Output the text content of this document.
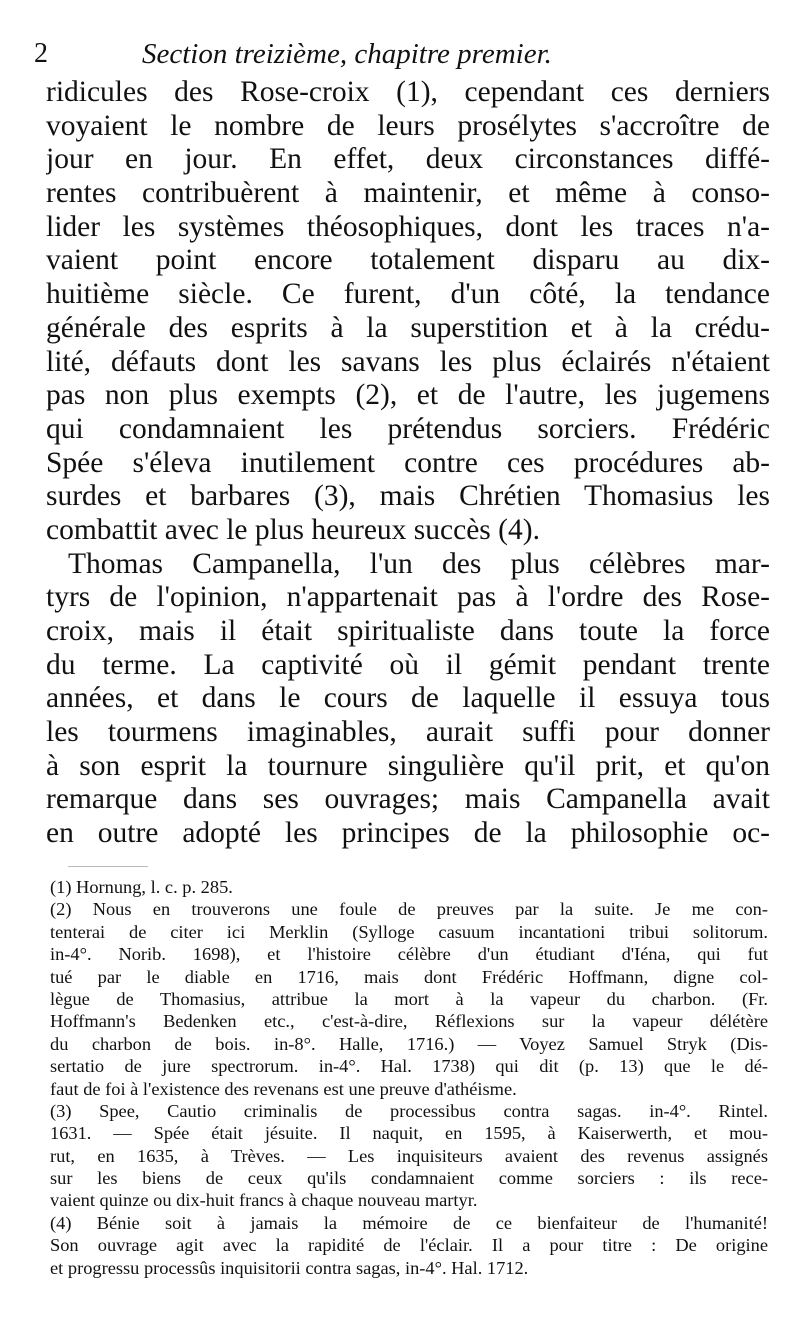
2	Section treizième, chapitre premier.
ridicules des Rose-croix (1), cependant ces derniers
voyaient le nombre de leurs prosélytes s'accroître de
jour en jour. En effet, deux circonstances diffé-
rentes contribuèrent à maintenir, et même à conso-
lider les systèmes théosophiques, dont les traces n'a-
vaient point encore totalement disparu au dix-
huitième siècle. Ce furent, d'un côté, la tendance
générale des esprits à la superstition et à la crédu-
lité, défauts dont les savans les plus éclairés n'étaient
pas non plus exempts (2), et de l'autre, les jugemens
qui condamnaient les prétendus sorciers. Frédéric
Spée s'éleva inutilement contre ces procédures ab-
surdes et barbares (3), mais Chrétien Thomasius les
combattit avec le plus heureux succès (4).
Thomas Campanella, l'un des plus célèbres mar-
tyrs de l'opinion, n'appartenait pas à l'ordre des Rose-
croix, mais il était spiritualiste dans toute la force
du terme. La captivité où il gémit pendant trente
années, et dans le cours de laquelle il essuya tous
les tourmens imaginables, aurait suffi pour donner
à son esprit la tournure singulière qu'il prit, et qu'on
remarque dans ses ouvrages; mais Campanella avait
en outre adopté les principes de la philosophie oc-
(1) Hornung, l. c. p. 285.
(2) Nous en trouverons une foule de preuves par la suite. Je me con-
tenterai de citer ici Merklin (Sylloge casuum incantationi tribui solitorum.
in-4°. Norib. 1698), et l'histoire célèbre d'un étudiant d'Iéna, qui fut
tué par le diable en 1716, mais dont Frédéric Hoffmann, digne col-
lègue de Thomasius, attribue la mort à la vapeur du charbon. (Fr.
Hoffmann's Bedenken etc., c'est-à-dire, Réflexions sur la vapeur délétère
du charbon de bois. in-8°. Halle, 1716.) — Voyez Samuel Stryk (Dis-
sertatio de jure spectrorum. in-4°. Hal. 1738) qui dit (p. 13) que le dé-
faut de foi à l'existence des revenans est une preuve d'athéisme.
(3) Spee, Cautio criminalis de processibus contra sagas. in-4°. Rintel.
1631. — Spée était jésuite. Il naquit, en 1595, à Kaiserwerth, et mou-
rut, en 1635, à Trèves. — Les inquisiteurs avaient des revenus assignés
sur les biens de ceux qu'ils condamnaient comme sorciers : ils rece-
vaient quinze ou dix-huit francs à chaque nouveau martyr.
(4) Bénie soit à jamais la mémoire de ce bienfaiteur de l'humanité!
Son ouvrage agit avec la rapidité de l'éclair. Il a pour titre : De origine
et progressu processûs inquisitorii contra sagas, in-4°. Hal. 1712.
